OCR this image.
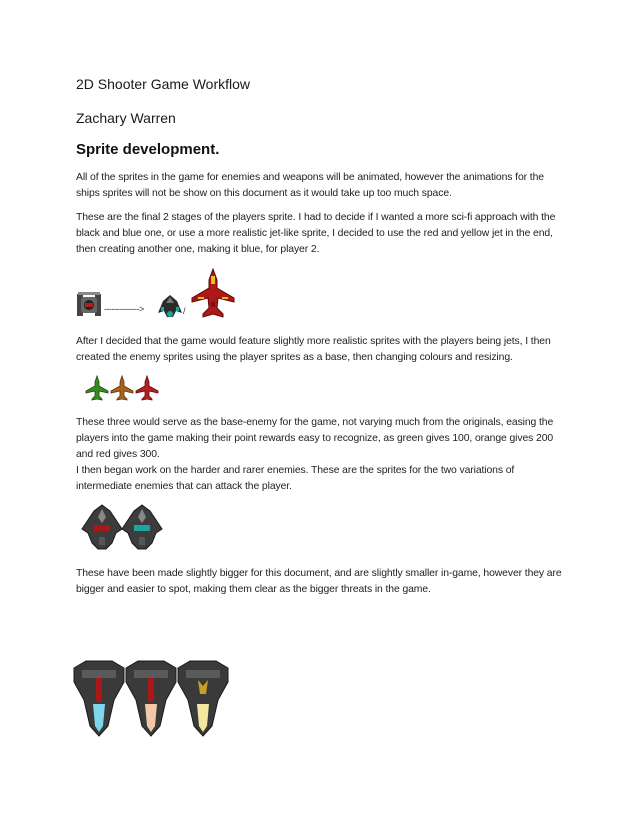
2D Shooter Game Workflow
Zachary Warren
Sprite development.
All of the sprites in the game for enemies and weapons will be animated, however the animations for the ships sprites will not be show on this document as it would take up too much space.
These are the final 2 stages of the players sprite. I had to decide if I wanted a more sci-fi approach with the black and blue one, or use a more realistic jet-like sprite, I decided to use the red and yellow jet in the end, then creating another one, making it blue, for player 2.
-------------->	/
After I decided that the game would feature slightly more realistic sprites with the players being jets, I then created the enemy sprites using the player sprites as a base, then changing colours and resizing.
These three would serve as the base-enemy for the game, not varying much from the originals, easing the players into the game making their point rewards easy to recognize, as green gives 100, orange gives 200 and red gives 300.
I then began work on the harder and rarer enemies. These are the sprites for the two variations of intermediate enemies that can attack the player.
These have been made slightly bigger for this document, and are slightly smaller in-game, however they are bigger and easier to spot, making them clear as the bigger threats in the game.
